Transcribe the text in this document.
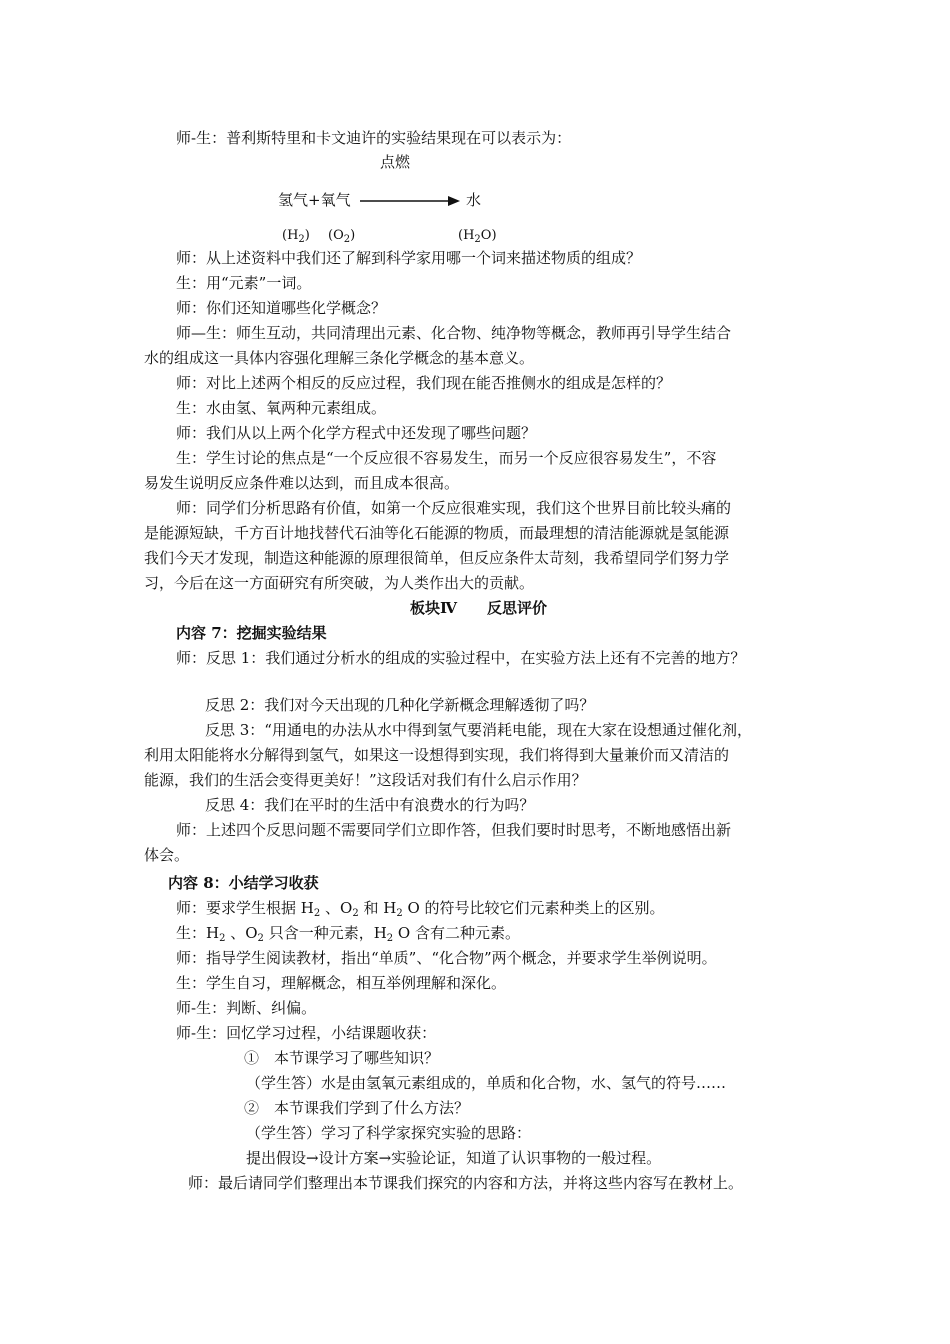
师-生：普利斯特里和卡文迪许的实验结果现在可以表示为：
点燃
氢气+氧气	水
$(H_2)$ $(O_2)$	$(H_2O)$
师：从上述资料中我们还了解到科学家用哪一个词来描述物质的组成？
生：用“元素”一词。
师：你们还知道哪些化学概念？
师—生：师生互动，共同清理出元素、化合物、纯净物等概念，教师再引导学生结合
水的组成这一具体内容强化理解三条化学概念的基本意义。
师：对比上述两个相反的反应过程，我们现在能否推侧水的组成是怎样的？
生：水由氢、氧两种元素组成。
师：我们从以上两个化学方程式中还发现了哪些问题？
生：学生讨论的焦点是“一个反应很不容易发生，而另一个反应很容易发生”，不容
易发生说明反应条件难以达到，而且成本很高。
师：同学们分析思路有价值，如第一个反应很难实现，我们这个世界目前比较头痛的
是能源短缺，千方百计地找替代石油等化石能源的物质，而最理想的清洁能源就是氢能源
我们今天才发现，制造这种能源的原理很简单，但反应条件太苛刻，我希望同学们努力学
习，今后在这一方面研究有所突破，为人类作出大的贡献。
板块Ⅳ　　反思评价
内容 7：挖掘实验结果
师：反思 1：我们通过分析水的组成的实验过程中，在实验方法上还有不完善的地方？
反思 2：我们对今天出现的几种化学新概念理解透彻了吗？
反思 3：“用通电的办法从水中得到氢气要消耗电能，现在大家在设想通过催化剂，
利用太阳能将水分解得到氢气，如果这一设想得到实现，我们将得到大量兼价而又清洁的
能源，我们的生活会变得更美好！”这段话对我们有什么启示作用？
反思 4：我们在平时的生活中有浪费水的行为吗？
师：上述四个反思问题不需要同学们立即作答，但我们要时时思考，不断地感悟出新
体会。
内容 8：小结学习收获
师：要求学生根据 $H_2$ 、$O_2$ 和 $H_2$ O 的符号比较它们元素种类上的区别。
生：$H_2$ 、$O_2$ 只含一种元素，$H_2$ O 含有二种元素。
师：指导学生阅读教材，指出“单质”、“化合物”两个概念，并要求学生举例说明。
生：学生自习，理解概念，相互举例理解和深化。
师-生：判断、纠偏。
师-生：回忆学习过程，小结课题收获：
①　本节课学习了哪些知识？
（学生答）水是由氢氧元素组成的，单质和化合物，水、氢气的符号……
②　本节课我们学到了什么方法？
（学生答）学习了科学家探究实验的思路：
提出假设→设计方案→实验论证，知道了认识事物的一般过程。
师：最后请同学们整理出本节课我们探究的内容和方法，并将这些内容写在教材上。
